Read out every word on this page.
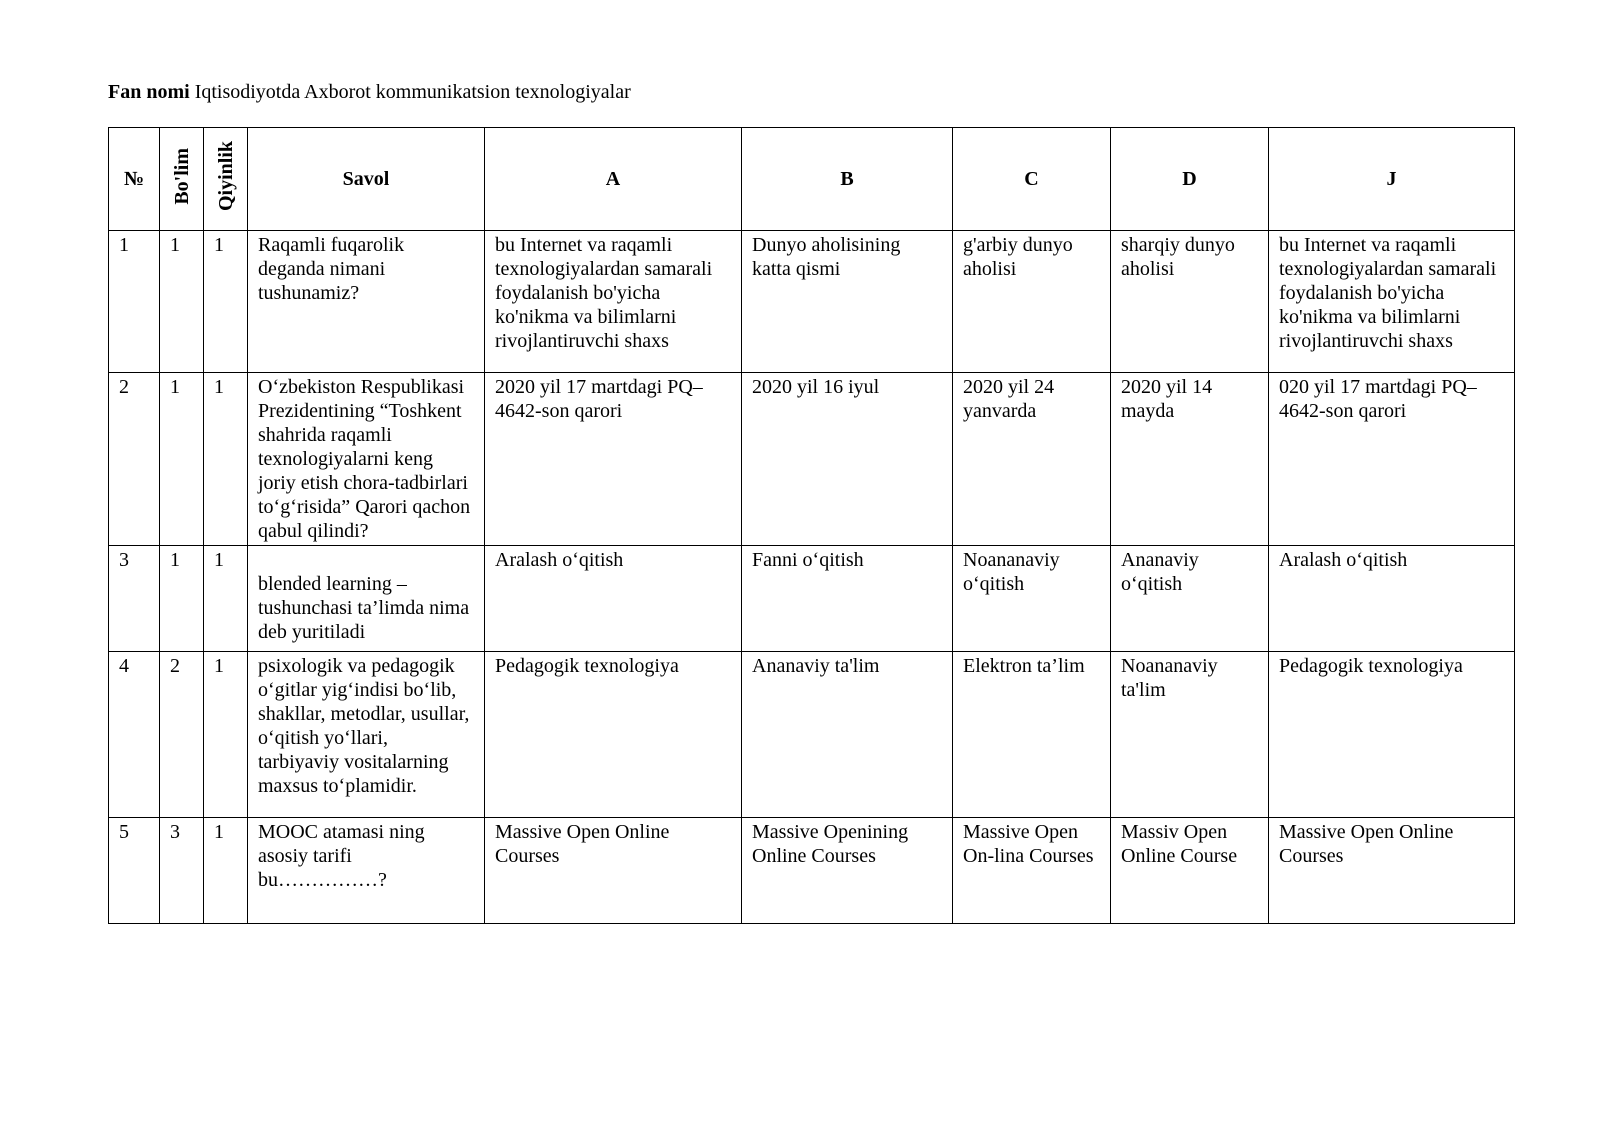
Fan nomi Iqtisodiyotda Axborot kommunikatsion texnologiyalar
№	Bo'lim	Qiyinlik	Savol	A	B	C	D	J
1	1	1	Raqamli fuqarolik deganda nimani tushunamiz?	bu Internet va raqamli texnologiyalardan samarali foydalanish bo'yicha ko'nikma va bilimlarni rivojlantiruvchi shaxs	Dunyo aholisining katta qismi	g'arbiy dunyo aholisi	sharqiy dunyo aholisi	bu Internet va raqamli texnologiyalardan samarali foydalanish bo'yicha ko'nikma va bilimlarni rivojlantiruvchi shaxs
2	1	1	O‘zbekiston Respublikasi Prezidentining “Toshkent shahrida raqamli texnologiyalarni keng joriy etish chora-tadbirlari to‘g‘risida” Qarori qachon qabul qilindi?	2020 yil 17 martdagi PQ–4642-son qarori	2020 yil 16 iyul	2020 yil 24 yanvarda	2020 yil 14 mayda	020 yil 17 martdagi PQ–4642-son qarori
3	1	1	blended learning – tushunchasi ta’limda nima deb yuritiladi	Aralash o‘qitish	Fanni o‘qitish	Noananaviy o‘qitish	Ananaviy o‘qitish	Aralash o‘qitish
4	2	1	psixologik va pedagogik o‘gitlar yig‘indisi bo‘lib, shakllar, metodlar, usullar, o‘qitish yo‘llari, tarbiyaviy vositalarning maxsus to‘plamidir.	Pedagogik texnologiya	Ananaviy ta'lim	Elektron ta’lim	Noananaviy ta'lim	Pedagogik texnologiya
5	3	1	MOOC atamasi ning asosiy tarifi bu……………?	Massive Open Online Courses	Massive Openining Online Courses	Massive Open On-lina Courses	Massiv Open Online Course	Massive Open Online Courses
